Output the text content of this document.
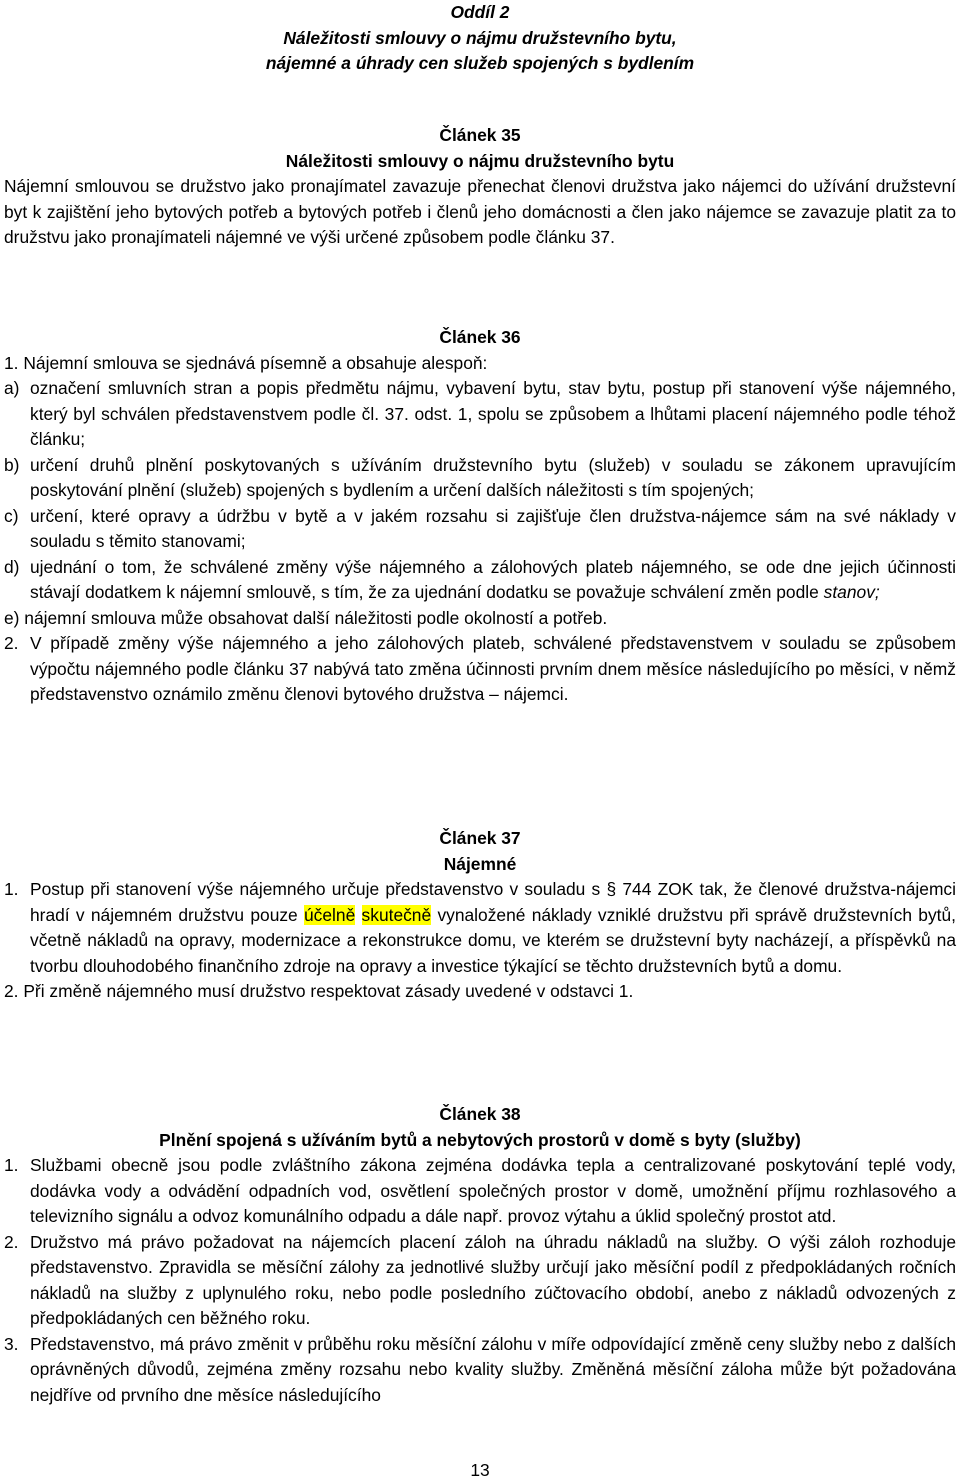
Oddíl 2
Náležitosti smlouvy o nájmu družstevního bytu,
nájemné a úhrady cen služeb spojených s bydlením
Článek 35
Náležitosti smlouvy o nájmu družstevního bytu
Nájemní smlouvou se družstvo jako pronajímatel zavazuje přenechat členovi družstva jako nájemci do užívání družstevní byt k zajištění jeho bytových potřeb a bytových potřeb i členů jeho domácnosti a člen jako nájemce se zavazuje platit za to družstvu jako pronajímateli nájemné ve výši určené způsobem podle článku 37.
Článek 36
1. Nájemní smlouva se sjednává písemně a obsahuje alespoň:
a) označení smluvních stran a popis předmětu nájmu, vybavení bytu, stav bytu, postup při stanovení výše nájemného, který byl schválen představenstvem podle čl. 37. odst. 1, spolu se způsobem a lhůtami placení nájemného podle téhož článku;
b) určení druhů plnění poskytovaných s užíváním družstevního bytu (služeb) v souladu se zákonem upravujícím poskytování plnění (služeb) spojených s bydlením a určení dalších náležitosti s tím spojených;
c) určení, které opravy a údržbu v bytě a v jakém rozsahu si zajišťuje člen družstva-nájemce sám na své náklady v souladu s těmito stanovami;
d) ujednání o tom, že schválené změny výše nájemného a zálohových plateb nájemného, se ode dne jejich účinnosti stávají dodatkem k nájemní smlouvě, s tím, že za ujednání dodatku se považuje schválení změn podle stanov;
e) nájemní smlouva může obsahovat další náležitosti podle okolností a potřeb.
2. V případě změny výše nájemného a jeho zálohových plateb, schválené představenstvem v souladu se způsobem výpočtu nájemného podle článku 37 nabývá tato změna účinnosti prvním dnem měsíce následujícího po měsíci, v němž představenstvo oznámilo změnu členovi bytového družstva – nájemci.
Článek 37
Nájemné
1. Postup při stanovení výše nájemného určuje představenstvo v souladu s § 744 ZOK tak, že členové družstva-nájemci hradí v nájemném družstvu pouze účelně skutečně vynaložené náklady vzniklé družstvu při správě družstevních bytů, včetně nákladů na opravy, modernizace a rekonstrukce domu, ve kterém se družstevní byty nacházejí, a příspěvků na tvorbu dlouhodobého finančního zdroje na opravy a investice týkající se těchto družstevních bytů a domu.
2. Při změně nájemného musí družstvo respektovat zásady uvedené v odstavci 1.
Článek 38
Plnění spojená s užíváním bytů a nebytových prostorů v domě s byty (služby)
1. Službami obecně jsou podle zvláštního zákona zejména dodávka tepla a centralizované poskytování teplé vody, dodávka vody a odvádění odpadních vod, osvětlení společných prostor v domě, umožnění příjmu rozhlasového a televizního signálu a odvoz komunálního odpadu a dále např. provoz výtahu a úklid společný prostot atd.
2. Družstvo má právo požadovat na nájemcích placení záloh na úhradu nákladů na služby. O výši záloh rozhoduje představenstvo. Zpravidla se měsíční zálohy za jednotlivé služby určují jako měsíční podíl z předpokládaných ročních nákladů na služby z uplynulého roku, nebo podle posledního zúčtovacího období, anebo z nákladů odvozených z předpokládaných cen běžného roku.
3. Představenstvo, má právo změnit v průběhu roku měsíční zálohu v míře odpovídající změně ceny služby nebo z dalších oprávněných důvodů, zejména změny rozsahu nebo kvality služby. Změněná měsíční záloha může být požadována nejdříve od prvního dne měsíce následujícího
13
